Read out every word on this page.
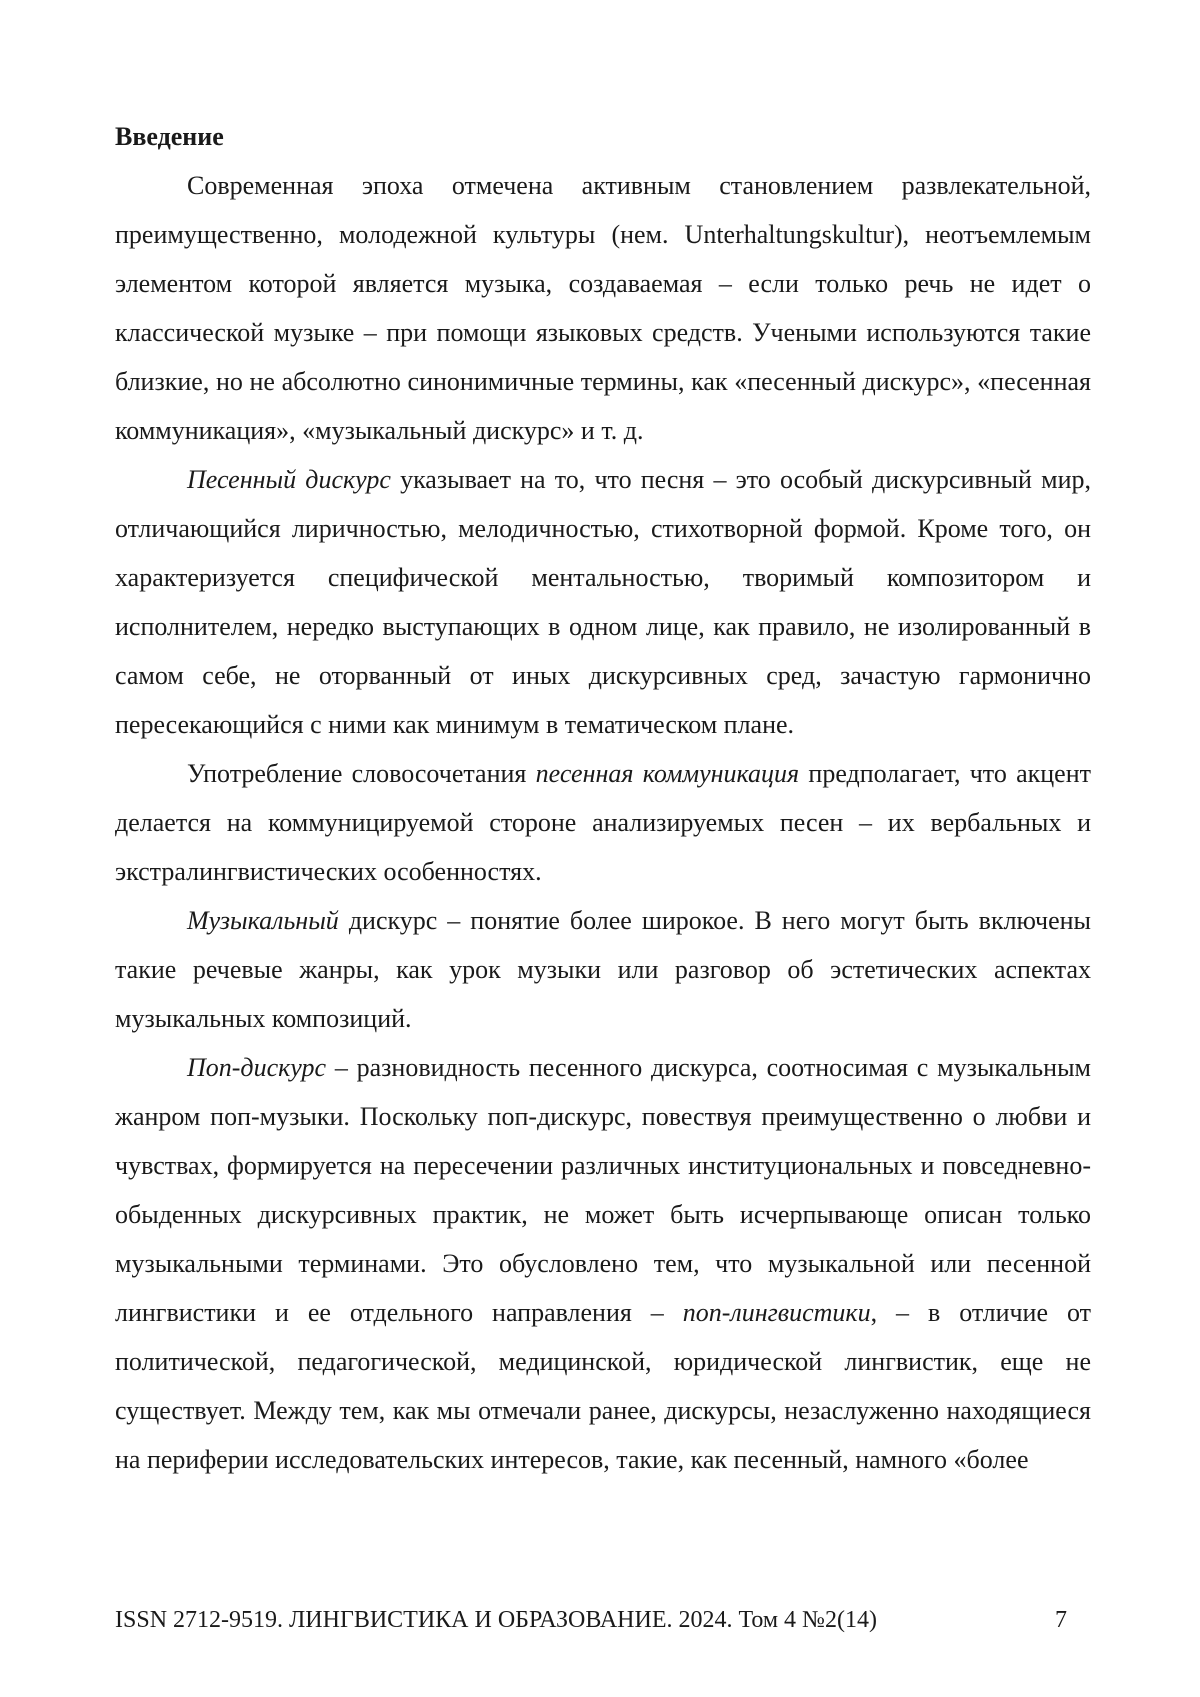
Введение

Современная эпоха отмечена активным становлением развлекательной, преимущественно, молодежной культуры (нем. Unterhaltungskultur), неотъемлемым элементом которой является музыка, создаваемая – если только речь не идет о классической музыке – при помощи языковых средств. Учеными используются такие близкие, но не абсолютно синонимичные термины, как «песенный дискурс», «песенная коммуникация», «музыкальный дискурс» и т. д.

Песенный дискурс указывает на то, что песня – это особый дискурсивный мир, отличающийся лиричностью, мелодичностью, стихотворной формой. Кроме того, он характеризуется специфической ментальностью, творимый композитором и исполнителем, нередко выступающих в одном лице, как правило, не изолированный в самом себе, не оторванный от иных дискурсивных сред, зачастую гармонично пересекающийся с ними как минимум в тематическом плане.

Употребление словосочетания песенная коммуникация предполагает, что акцент делается на коммуницируемой стороне анализируемых песен – их вербальных и экстралингвистических особенностях.

Музыкальный дискурс – понятие более широкое. В него могут быть включены такие речевые жанры, как урок музыки или разговор об эстетических аспектах музыкальных композиций.

Поп-дискурс – разновидность песенного дискурса, соотносимая с музыкальным жанром поп-музыки. Поскольку поп-дискурс, повествуя преимущественно о любви и чувствах, формируется на пересечении различных институциональных и повседневно-обыденных дискурсивных практик, не может быть исчерпывающе описан только музыкальными терминами. Это обусловлено тем, что музыкальной или песенной лингвистики и ее отдельного направления – поп-лингвистики, – в отличие от политической, педагогической, медицинской, юридической лингвистик, еще не существует. Между тем, как мы отмечали ранее, дискурсы, незаслуженно находящиеся на периферии исследовательских интересов, такие, как песенный, намного «более

ISSN 2712-9519. ЛИНГВИСТИКА И ОБРАЗОВАНИЕ. 2024. Том 4 №2(14)	7
